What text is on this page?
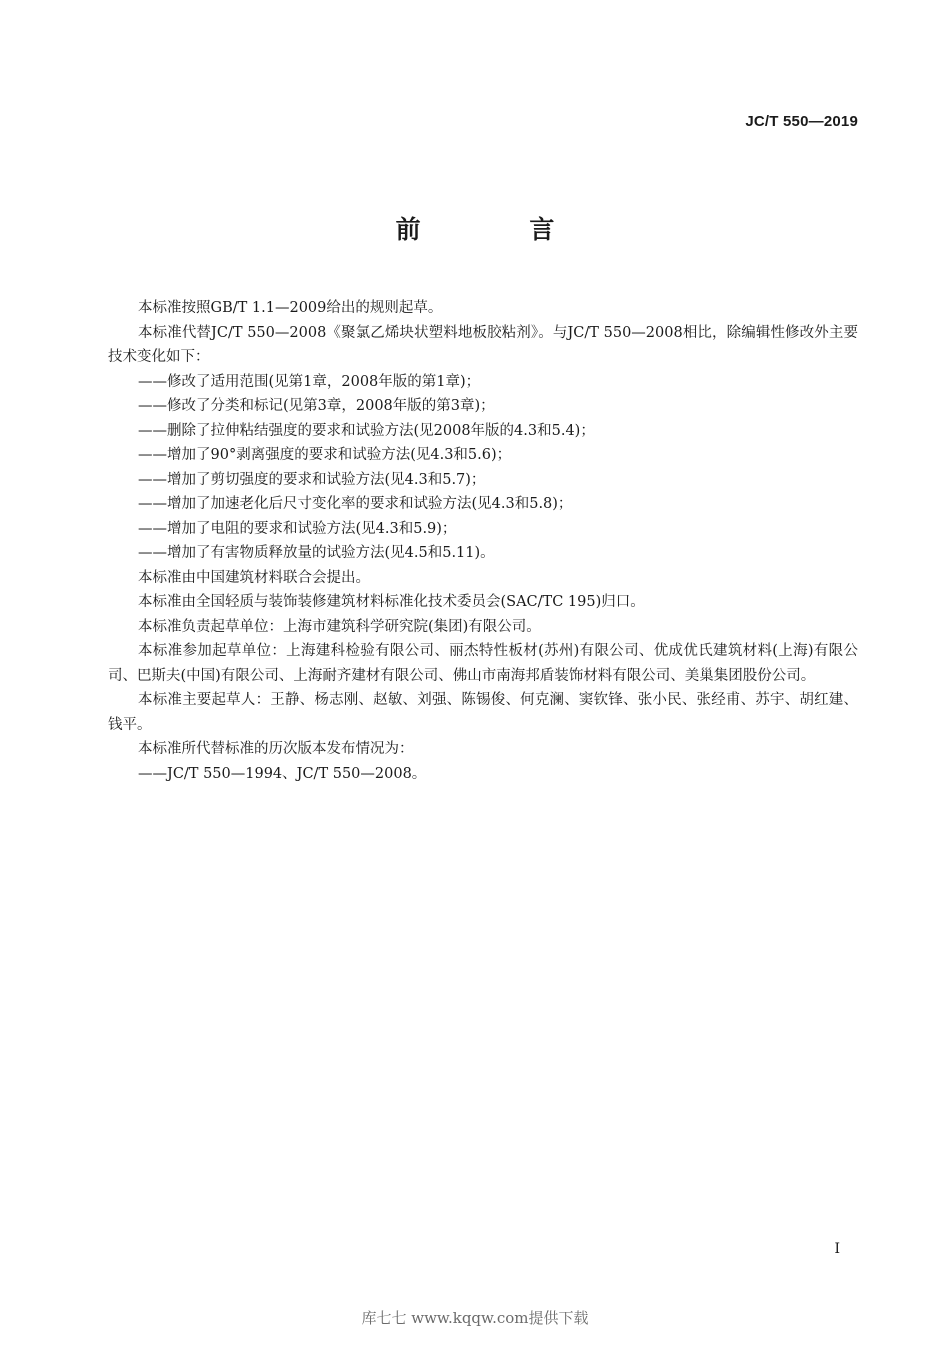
JC/T 550—2019
前 言

本标准按照GB/T 1.1—2009给出的规则起草。

本标准代替JC/T 550—2008《聚氯乙烯块状塑料地板胶粘剂》。与JC/T 550—2008相比，除编辑性修改外主要技术变化如下：

——修改了适用范围(见第1章，2008年版的第1章)；

——修改了分类和标记(见第3章，2008年版的第3章)；

——删除了拉伸粘结强度的要求和试验方法(见2008年版的4.3和5.4)；

——增加了90°剥离强度的要求和试验方法(见4.3和5.6)；

——增加了剪切强度的要求和试验方法(见4.3和5.7)；

——增加了加速老化后尺寸变化率的要求和试验方法(见4.3和5.8)；

——增加了电阻的要求和试验方法(见4.3和5.9)；

——增加了有害物质释放量的试验方法(见4.5和5.11)。

本标准由中国建筑材料联合会提出。

本标准由全国轻质与装饰装修建筑材料标准化技术委员会(SAC/TC 195)归口。

本标准负责起草单位：上海市建筑科学研究院(集团)有限公司。

本标准参加起草单位：上海建科检验有限公司、丽杰特性板材(苏州)有限公司、优成优氏建筑材料(上海)有限公司、巴斯夫(中国)有限公司、上海耐齐建材有限公司、佛山市南海邦盾装饰材料有限公司、美巢集团股份公司。

本标准主要起草人：王静、杨志刚、赵敏、刘强、陈锡俊、何克澜、窦钦锋、张小民、张经甫、苏宇、胡红建、钱平。

本标准所代替标准的历次版本发布情况为：

——JC/T 550—1994、JC/T 550—2008。

I
库七七 www.kqqw.com提供下载
